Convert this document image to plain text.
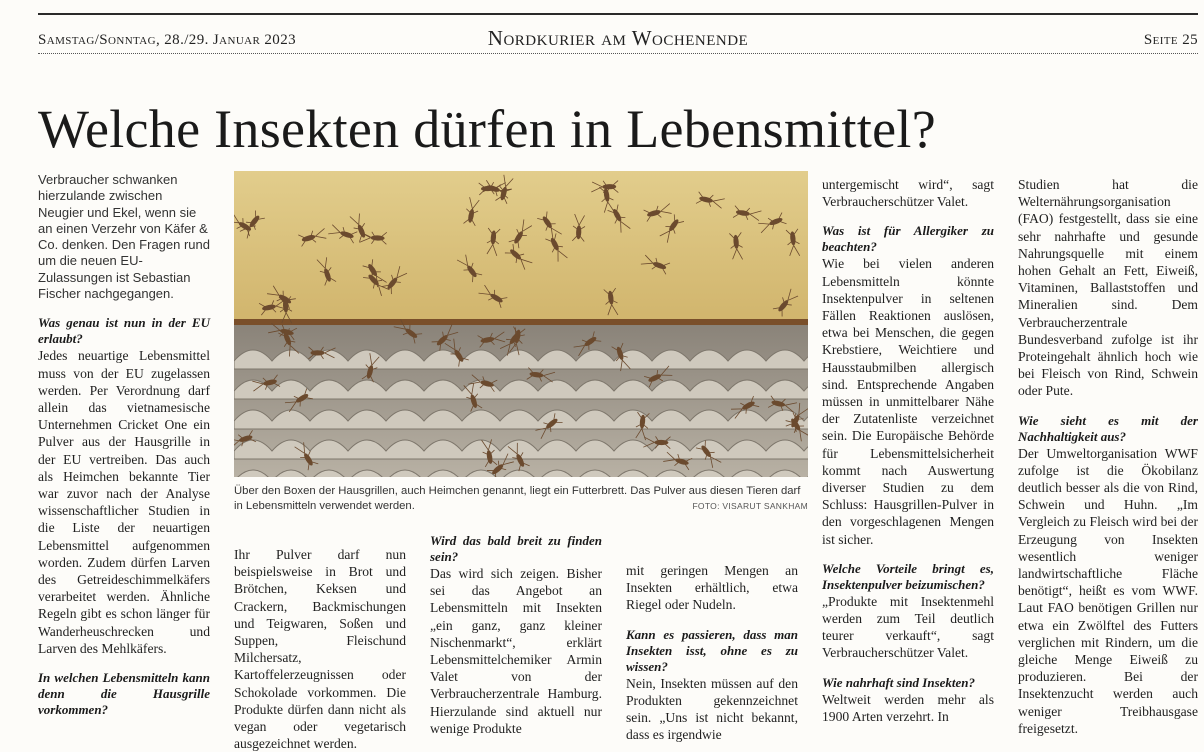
Samstag/Sonntag, 28./29. Januar 2023	Nordkurier am Wochenende	Seite 25
Welche Insekten dürfen in Lebensmittel?

Verbraucher schwanken hierzulande zwischen Neugier und Ekel, wenn sie an einen Verzehr von Käfer & Co. denken. Den Fragen rund um die neuen EU-Zulassungen ist Sebastian Fischer nachgegangen.

Was genau ist nun in der EU erlaubt?

Jedes neuartige Lebensmittel muss von der EU zugelassen werden. Per Verordnung darf allein das vietnamesische Unternehmen Cricket One ein Pulver aus der Hausgrille in der EU vertreiben. Das auch als Heimchen bekannte Tier war zuvor nach der Analyse wissenschaftlicher Studien in die Liste der neuartigen Lebensmittel aufgenommen worden. Zudem dürfen Larven des Getreideschimmelkäfers verarbeitet werden. Ähnliche Regeln gibt es schon länger für Wanderheuschrecken und Larven des Mehlkäfers.

In welchen Lebensmitteln kann denn die Hausgrille vorkommen?

Über den Boxen der Hausgrillen, auch Heimchen genannt, liegt ein Futterbrett. Das Pulver aus diesen Tieren darf in Lebensmitteln verwendet werden.	FOTO: VISARUT SANKHAM

Ihr Pulver darf nun beispielsweise in Brot und Brötchen, Keksen und Crackern, Backmischungen und Teigwaren, Soßen und Suppen, Fleischund Milchersatz, Kartoffelerzeugnissen oder Schokolade vorkommen. Die Produkte dürfen dann nicht als vegan oder vegetarisch ausgezeichnet werden.

Wird das bald breit zu finden sein?

Das wird sich zeigen. Bisher sei das Angebot an Lebensmitteln mit Insekten „ein ganz, ganz kleiner Nischenmarkt“, erklärt Lebensmittelchemiker Armin Valet von der Verbraucherzentrale Hamburg. Hierzulande sind aktuell nur wenige Produkte

mit geringen Mengen an Insekten erhältlich, etwa Riegel oder Nudeln.

Kann es passieren, dass man Insekten isst, ohne es zu wissen?

Nein, Insekten müssen auf den Produkten gekennzeichnet sein. „Uns ist nicht bekannt, dass es irgendwie

untergemischt wird“, sagt Verbraucherschützer Valet.

Was ist für Allergiker zu beachten?

Wie bei vielen anderen Lebensmitteln könnte Insektenpulver in seltenen Fällen Reaktionen auslösen, etwa bei Menschen, die gegen Krebstiere, Weichtiere und Hausstaubmilben allergisch sind. Entsprechende Angaben müssen in unmittelbarer Nähe der Zutatenliste verzeichnet sein. Die Europäische Behörde für Lebensmittelsicherheit kommt nach Auswertung diverser Studien zu dem Schluss: Hausgrillen-Pulver in den vorgeschlagenen Mengen ist sicher.

Welche Vorteile bringt es, Insektenpulver beizumischen?

„Produkte mit Insektenmehl werden zum Teil deutlich teurer verkauft“, sagt Verbraucherschützer Valet.

Wie nahrhaft sind Insekten?

Weltweit werden mehr als 1900 Arten verzehrt. In

Studien hat die Welternährungsorganisation (FAO) festgestellt, dass sie eine sehr nahrhafte und gesunde Nahrungsquelle mit einem hohen Gehalt an Fett, Eiweiß, Vitaminen, Ballaststoffen und Mineralien sind. Dem Verbraucherzentrale Bundesverband zufolge ist ihr Proteingehalt ähnlich hoch wie bei Fleisch von Rind, Schwein oder Pute.

Wie sieht es mit der Nachhaltigkeit aus?

Der Umweltorganisation WWF zufolge ist die Ökobilanz deutlich besser als die von Rind, Schwein und Huhn. „Im Vergleich zu Fleisch wird bei der Erzeugung von Insekten wesentlich weniger landwirtschaftliche Fläche benötigt“, heißt es vom WWF. Laut FAO benötigen Grillen nur etwa ein Zwölftel des Futters verglichen mit Rindern, um die gleiche Menge Eiweiß zu produzieren. Bei der Insektenzucht werden auch weniger Treibhausgase freigesetzt.
